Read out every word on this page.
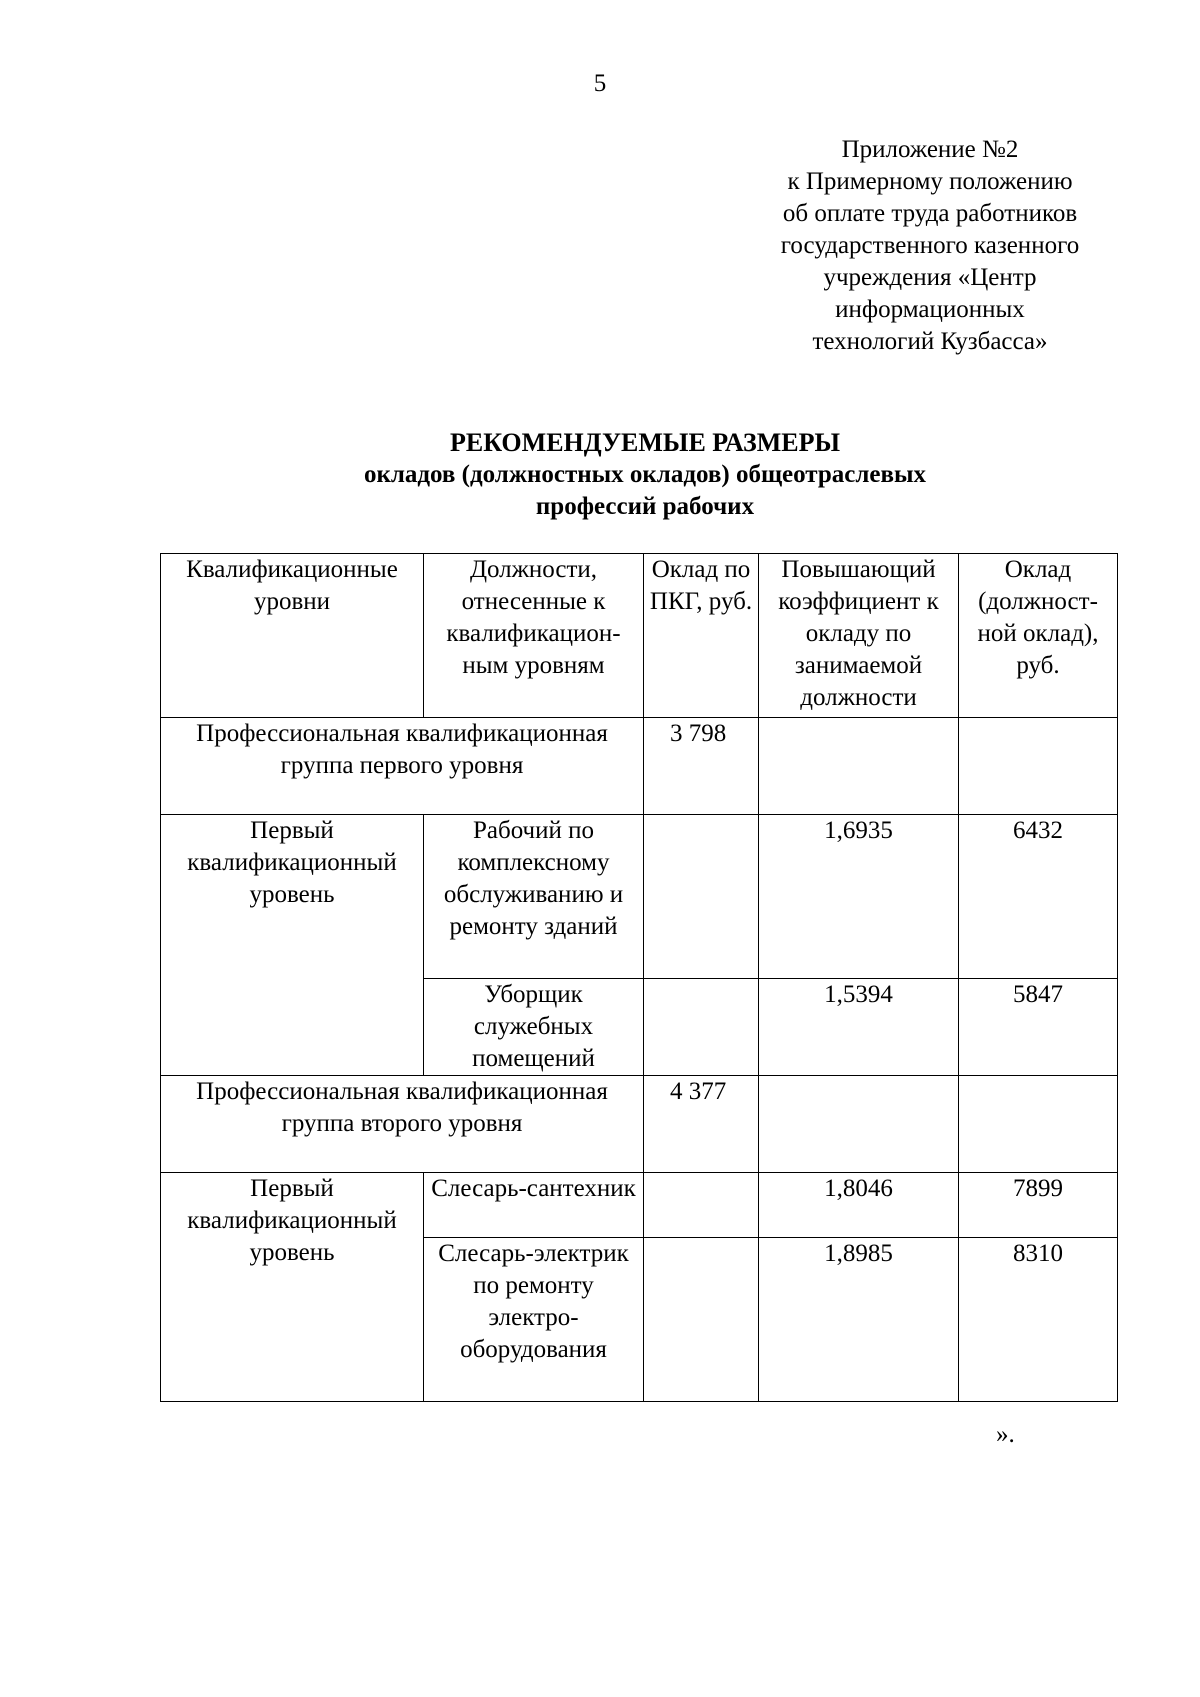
5
Приложение №2
к Примерному положению
об оплате труда работников
государственного казенного
учреждения «Центр
информационных
технологий Кузбасса»
РЕКОМЕНДУЕМЫЕ РАЗМЕРЫ
окладов (должностных окладов) общеотраслевых
профессий рабочих
Квалификационные уровни	Должности, отнесенные к квалификацион-ным уровням	Оклад по ПКГ, руб.	Повышающий коэффициент к окладу по занимаемой должности	Оклад (должност-ной оклад), руб.
Профессиональная квалификационная группа первого уровня		3 798		
Первый квалификационный уровень	Рабочий по комплексному обслуживанию и ремонту зданий		1,6935	6432
	Уборщик служебных помещений		1,5394	5847
Профессиональная квалификационная группа второго уровня		4 377		
Первый квалификационный уровень	Слесарь-сантехник		1,8046	7899
	Слесарь-электрик по ремонту электро-оборудования		1,8985	8310
».
